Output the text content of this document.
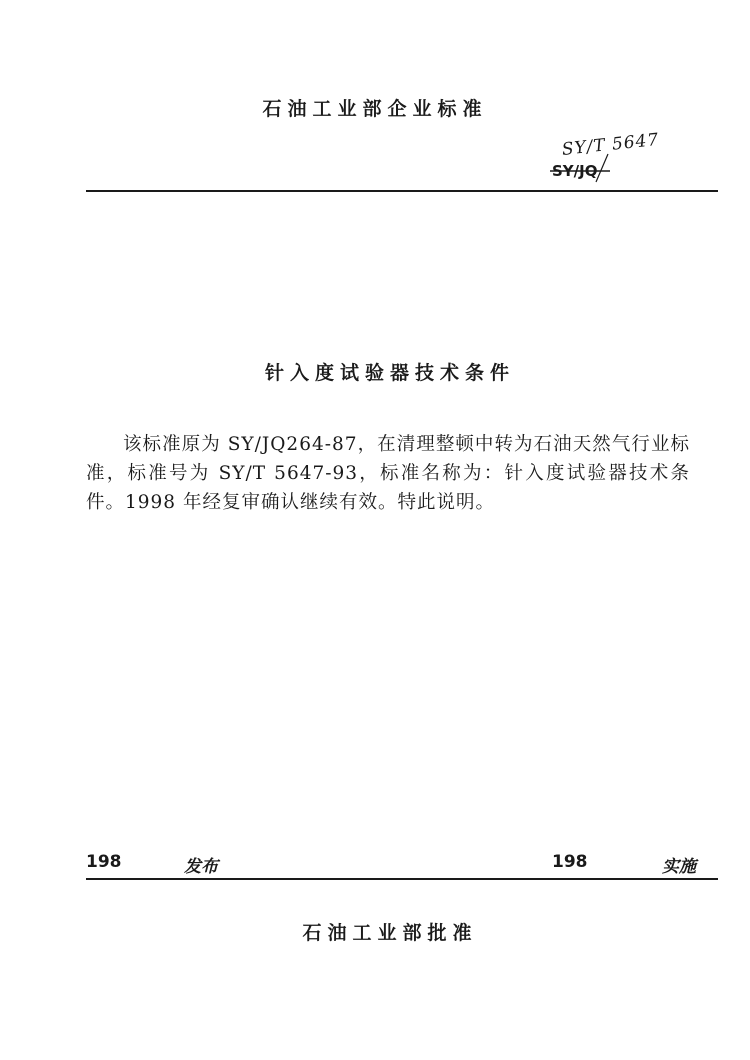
石油工业部企业标准
SY/T 5647
SY/JQ
针入度试验器技术条件
该标准原为 SY/JQ264-87，在清理整顿中转为石油天然气行业标准，标准号为 SY/T 5647-93，标准名称为：针入度试验器技术条件。1998 年经复审确认继续有效。特此说明。
198	发布	198	实施
石油工业部批准
